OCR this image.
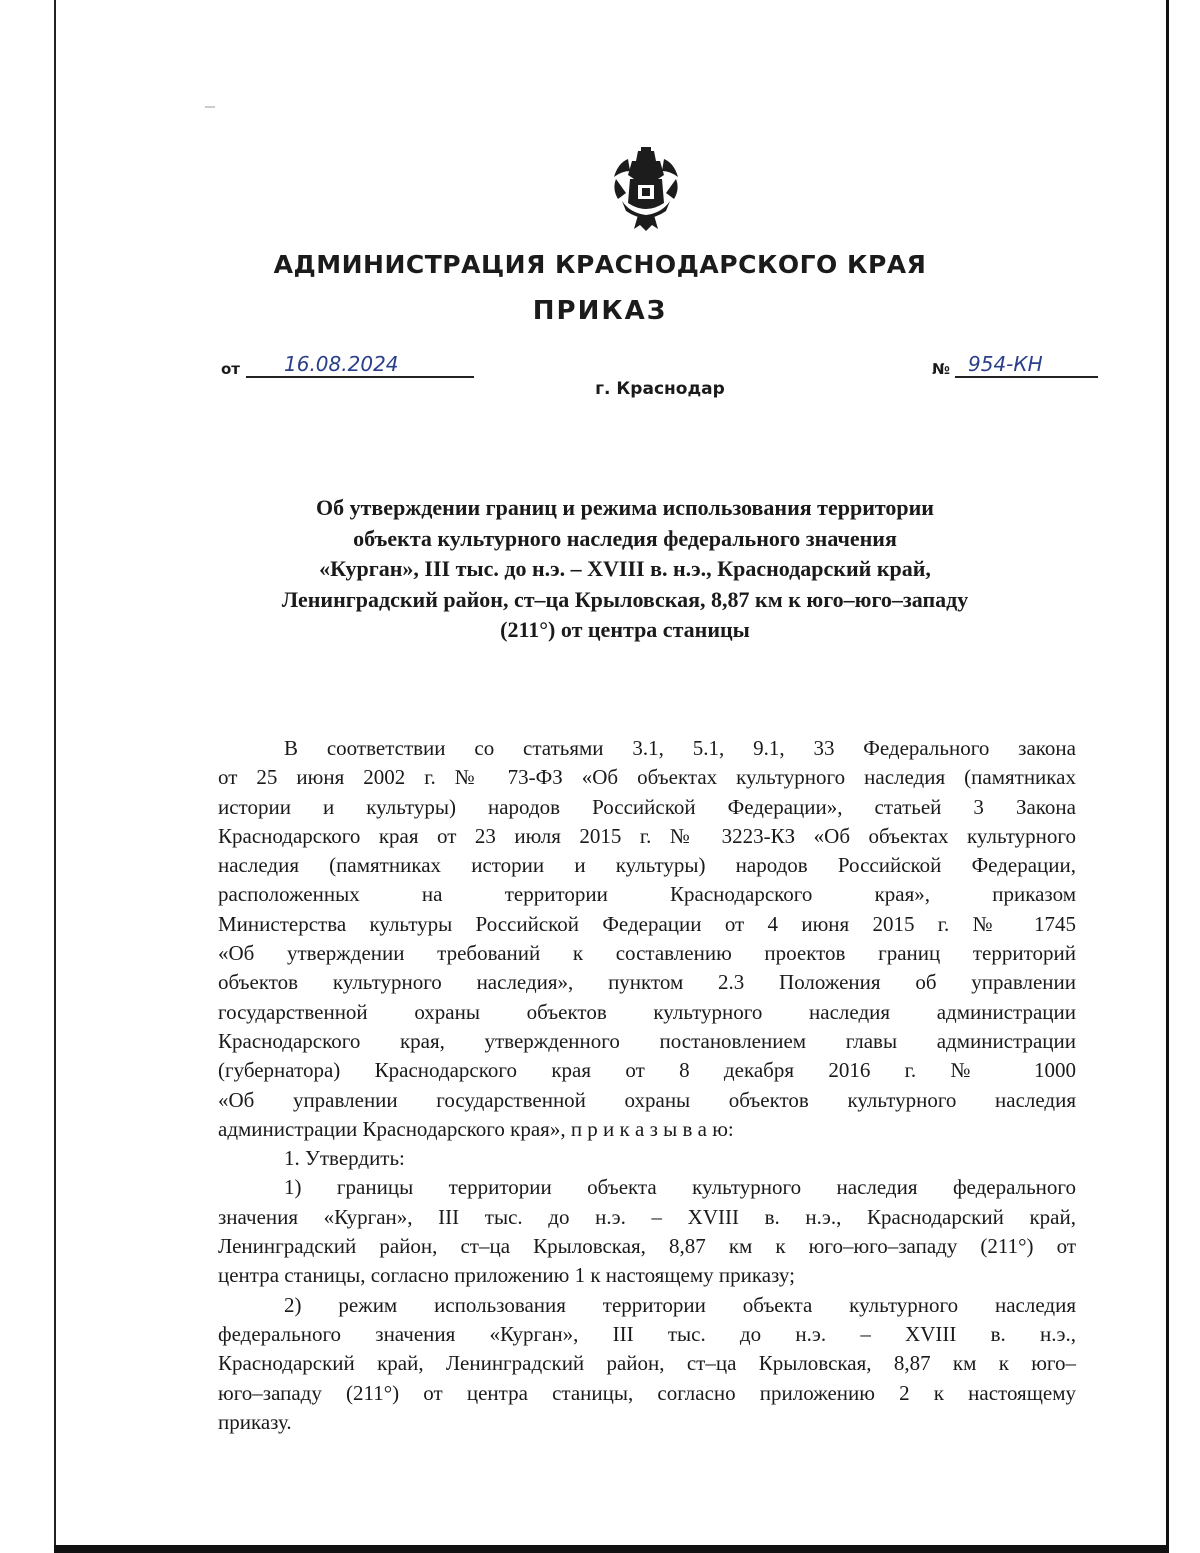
АДМИНИСТРАЦИЯ КРАСНОДАРСКОГО КРАЯ
ПРИКАЗ
от 16.08.2024	№ 954-КН
г. Краснодар
Об утверждении границ и режима использования территории
объекта культурного наследия федерального значения
«Курган», III тыс. до н.э. – XVIII в. н.э., Краснодарский край,
Ленинградский район, ст–ца Крыловская, 8,87 км к юго–юго–западу
(211°) от центра станицы
В соответствии со статьями 3.1, 5.1, 9.1, 33 Федерального закона
от 25 июня 2002 г. № 73-ФЗ «Об объектах культурного наследия (памятниках
истории и культуры) народов Российской Федерации», статьей 3 Закона
Краснодарского края от 23 июля 2015 г. № 3223-КЗ «Об объектах культурного
наследия (памятниках истории и культуры) народов Российской Федерации,
расположенных на территории Краснодарского края», приказом
Министерства культуры Российской Федерации от 4 июня 2015 г. № 1745
«Об утверждении требований к составлению проектов границ территорий
объектов культурного наследия», пунктом 2.3 Положения об управлении
государственной охраны объектов культурного наследия администрации
Краснодарского края, утвержденного постановлением главы администрации
(губернатора) Краснодарского края от 8 декабря 2016 г. № 1000
«Об управлении государственной охраны объектов культурного наследия
администрации Краснодарского края», п р и к а з ы в а ю:
1. Утвердить:
1) границы территории объекта культурного наследия федерального
значения «Курган», III тыс. до н.э. – XVIII в. н.э., Краснодарский край,
Ленинградский район, ст–ца Крыловская, 8,87 км к юго–юго–западу (211°) от
центра станицы, согласно приложению 1 к настоящему приказу;
2) режим использования территории объекта культурного наследия
федерального значения «Курган», III тыс. до н.э. – XVIII в. н.э.,
Краснодарский край, Ленинградский район, ст–ца Крыловская, 8,87 км к юго–
юго–западу (211°) от центра станицы, согласно приложению 2 к настоящему
приказу.
